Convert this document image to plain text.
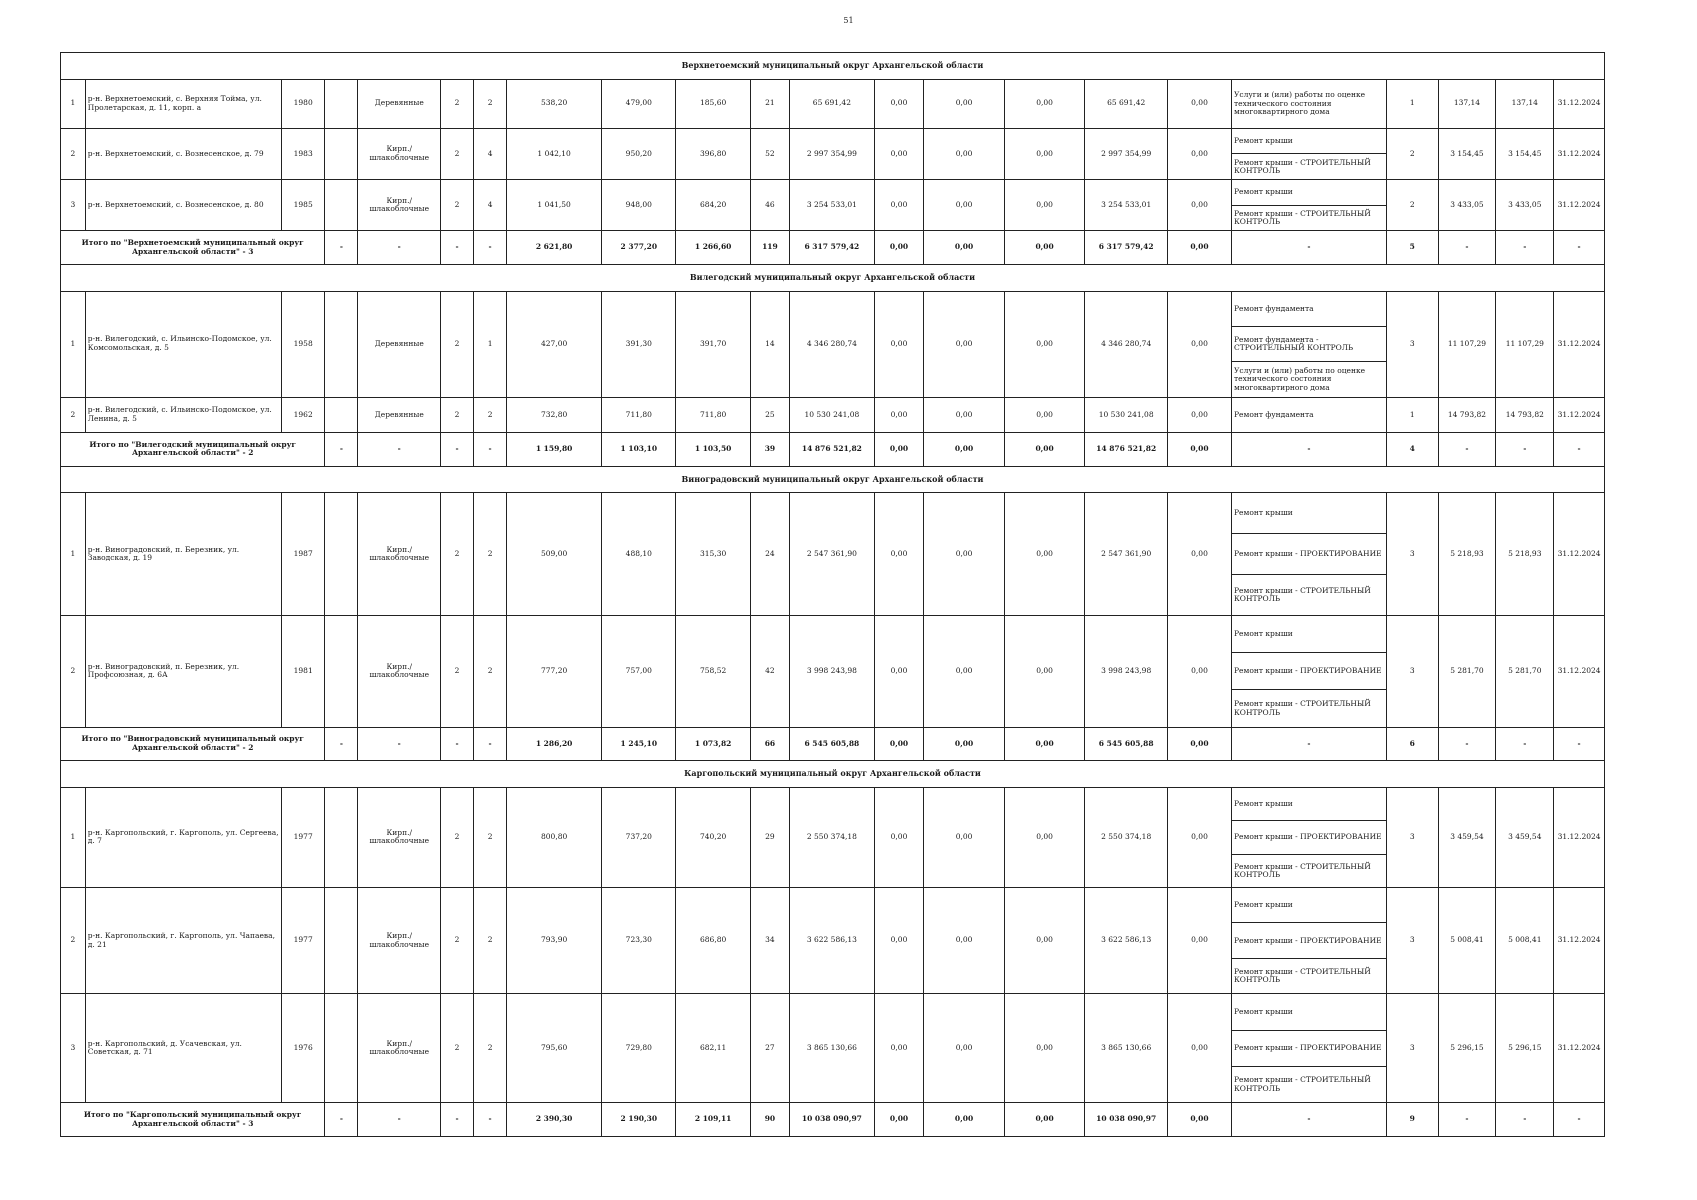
51
Верхнетоемский муниципальный округ Архангельской области																					
1	р-н. Верхнетоемский, с. Верхняя Тойма, ул. Пролетарская, д. 11, корп. а	1980		Деревянные	2	2	538,20	479,00	185,60	21	65 691,42	0,00	0,00	0,00	65 691,42	0,00	Услуги и (или) работы по оценке технического состояния многоквартирного дома	1	137,14	137,14	31.12.2024
2	р-н. Верхнетоемский, с. Вознесенское, д. 79	1983		Кирп./шлакоблочные	2	4	1 042,10	950,20	396,80	52	2 997 354,99	0,00	0,00	0,00	2 997 354,99	0,00	Ремонт крыши
Ремонт крыши - СТРОИТЕЛЬНЫЙ КОНТРОЛЬ	2	3 154,45	3 154,45	31.12.2024
3	р-н. Верхнетоемский, с. Вознесенское, д. 80	1985		Кирп./шлакоблочные	2	4	1 041,50	948,00	684,20	46	3 254 533,01	0,00	0,00	0,00	3 254 533,01	0,00	Ремонт крыши
Ремонт крыши - СТРОИТЕЛЬНЫЙ КОНТРОЛЬ	2	3 433,05	3 433,05	31.12.2024
Итого по "Верхнетоемский муниципальный округ Архангельской области" - 3			-	-	-	-	2 621,80	2 377,20	1 266,60	119	6 317 579,42	0,00	0,00	0,00	6 317 579,42	0,00	-	5	-	-	-
Вилегодский муниципальный округ Архангельской области																					
1	р-н. Вилегодский, с. Ильинско-Подомское, ул. Комсомольская, д. 5	1958		Деревянные	2	1	427,00	391,30	391,70	14	4 346 280,74	0,00	0,00	0,00	4 346 280,74	0,00	Ремонт фундамента
Ремонт фундамента - СТРОИТЕЛЬНЫЙ КОНТРОЛЬ
Услуги и (или) работы по оценке технического состояния многоквартирного дома	3	11 107,29	11 107,29	31.12.2024
2	р-н. Вилегодский, с. Ильинско-Подомское, ул. Ленина, д. 5	1962		Деревянные	2	2	732,80	711,80	711,80	25	10 530 241,08	0,00	0,00	0,00	10 530 241,08	0,00	Ремонт фундамента	1	14 793,82	14 793,82	31.12.2024
Итого по "Вилегодский муниципальный округ Архангельской области" - 2			-	-	-	-	1 159,80	1 103,10	1 103,50	39	14 876 521,82	0,00	0,00	0,00	14 876 521,82	0,00	-	4	-	-	-
Виноградовский муниципальный округ Архангельской области																					
1	р-н. Виноградовский, п. Березник, ул. Заводская, д. 19	1987		Кирп./шлакоблочные	2	2	509,00	488,10	315,30	24	2 547 361,90	0,00	0,00	0,00	2 547 361,90	0,00	Ремонт крыши
Ремонт крыши - ПРОЕКТИРОВАНИЕ
Ремонт крыши - СТРОИТЕЛЬНЫЙ КОНТРОЛЬ	3	5 218,93	5 218,93	31.12.2024
2	р-н. Виноградовский, п. Березник, ул. Профсоюзная, д. 6А	1981		Кирп./шлакоблочные	2	2	777,20	757,00	758,52	42	3 998 243,98	0,00	0,00	0,00	3 998 243,98	0,00	Ремонт крыши
Ремонт крыши - ПРОЕКТИРОВАНИЕ
Ремонт крыши - СТРОИТЕЛЬНЫЙ КОНТРОЛЬ	3	5 281,70	5 281,70	31.12.2024
Итого по "Виноградовский муниципальный округ Архангельской области" - 2			-	-	-	-	1 286,20	1 245,10	1 073,82	66	6 545 605,88	0,00	0,00	0,00	6 545 605,88	0,00	-	6	-	-	-
Каргопольский муниципальный округ Архангельской области																					
1	р-н. Каргопольский, г. Каргополь, ул. Сергеева, д. 7	1977		Кирп./шлакоблочные	2	2	800,80	737,20	740,20	29	2 550 374,18	0,00	0,00	0,00	2 550 374,18	0,00	Ремонт крыши
Ремонт крыши - ПРОЕКТИРОВАНИЕ
Ремонт крыши - СТРОИТЕЛЬНЫЙ КОНТРОЛЬ	3	3 459,54	3 459,54	31.12.2024
2	р-н. Каргопольский, г. Каргополь, ул. Чапаева, д. 21	1977		Кирп./шлакоблочные	2	2	793,90	723,30	686,80	34	3 622 586,13	0,00	0,00	0,00	3 622 586,13	0,00	Ремонт крыши
Ремонт крыши - ПРОЕКТИРОВАНИЕ
Ремонт крыши - СТРОИТЕЛЬНЫЙ КОНТРОЛЬ	3	5 008,41	5 008,41	31.12.2024
3	р-н. Каргопольский, д. Усачевская, ул. Советская, д. 71	1976		Кирп./шлакоблочные	2	2	795,60	729,80	682,11	27	3 865 130,66	0,00	0,00	0,00	3 865 130,66	0,00	Ремонт крыши
Ремонт крыши - ПРОЕКТИРОВАНИЕ
Ремонт крыши - СТРОИТЕЛЬНЫЙ КОНТРОЛЬ	3	5 296,15	5 296,15	31.12.2024
Итого по "Каргопольский муниципальный округ Архангельской области" - 3			-	-	-	-	2 390,30	2 190,30	2 109,11	90	10 038 090,97	0,00	0,00	0,00	10 038 090,97	0,00	-	9	-	-	-
